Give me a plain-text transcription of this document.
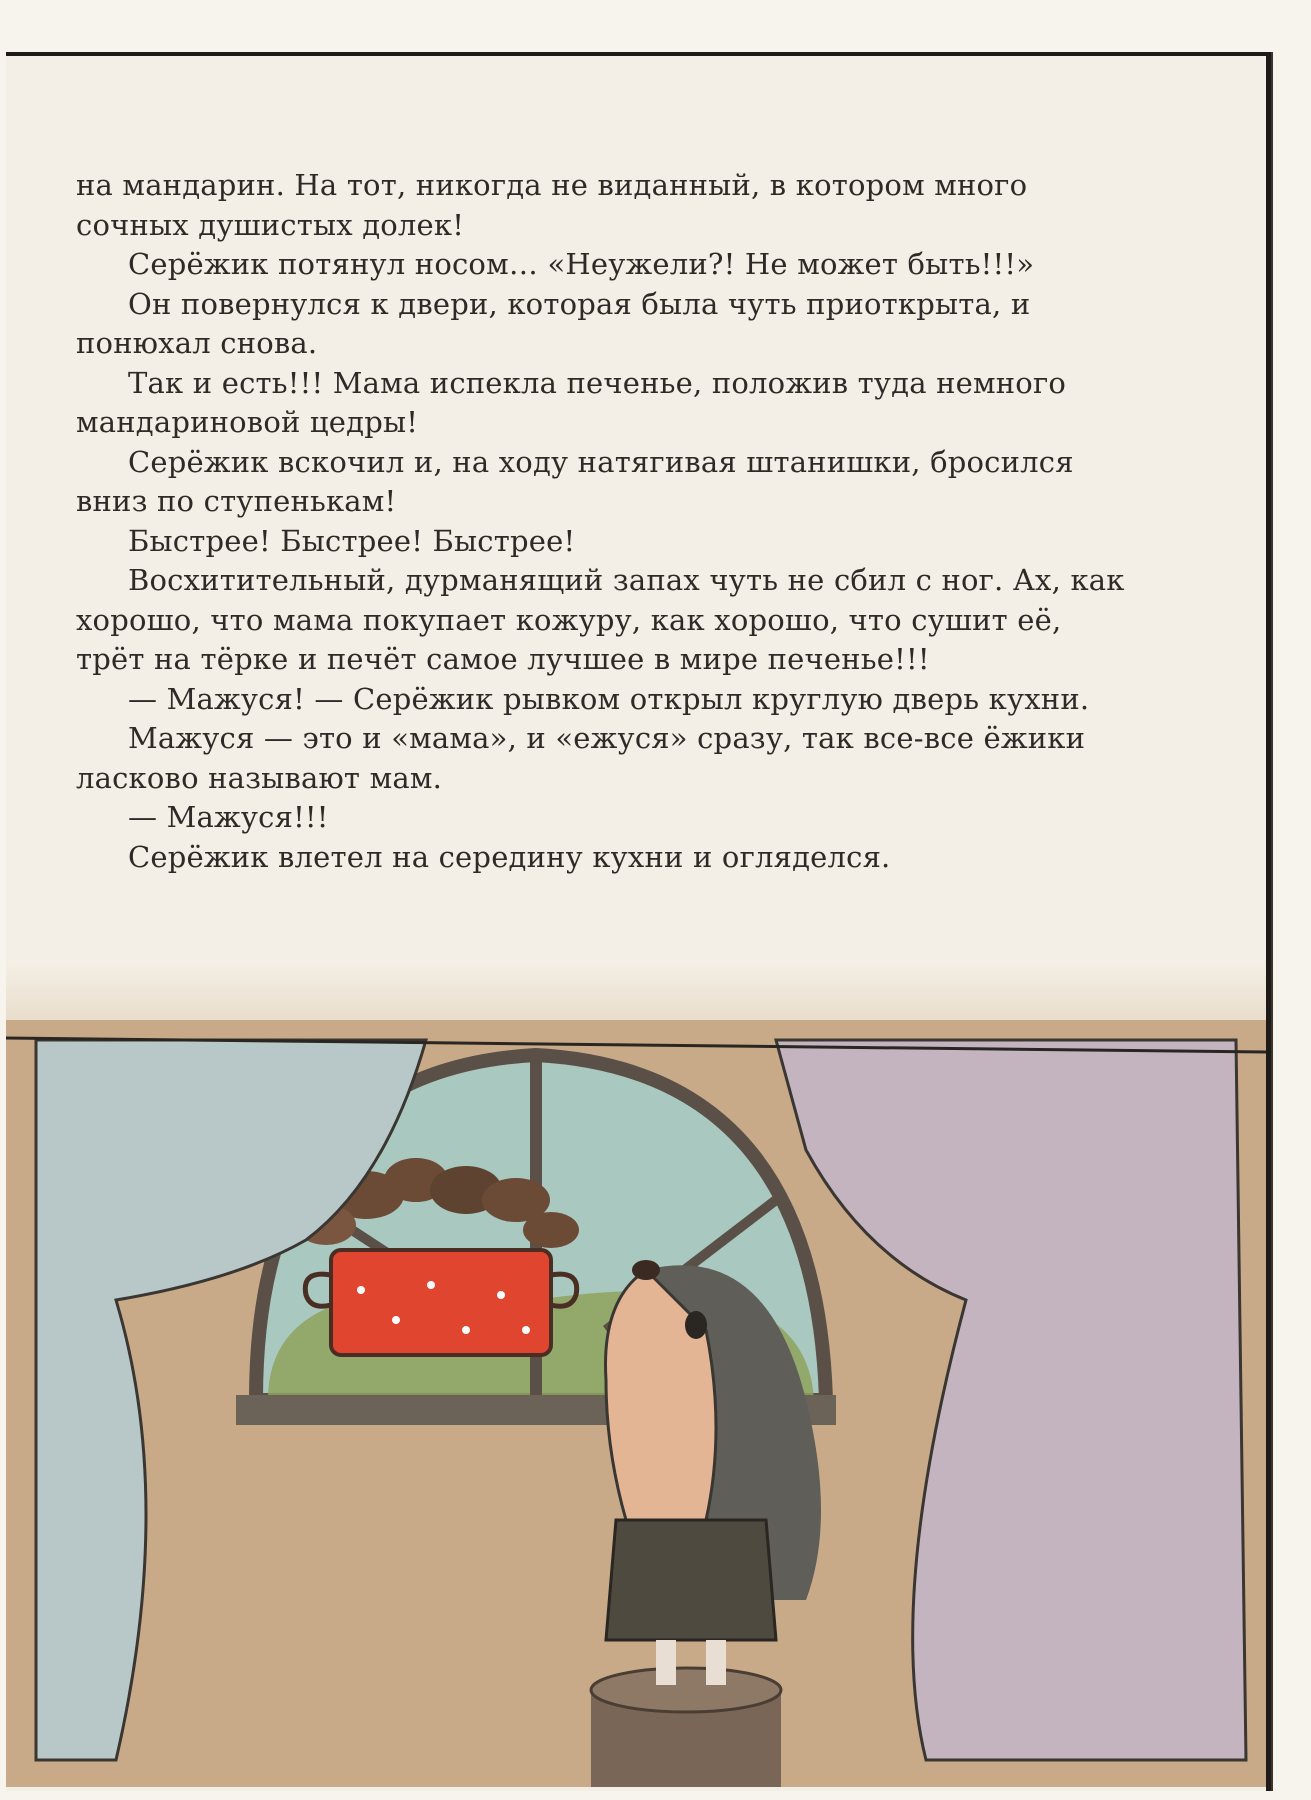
на мандарин. На тот, никогда не виданный, в котором много сочных душистых долек!

Серёжик потянул носом… «Неужели?! Не может быть!!!»

Он повернулся к двери, которая была чуть приоткрыта, и понюхал снова.

Так и есть!!! Мама испекла печенье, положив туда немного мандариновой цедры!

Серёжик вскочил и, на ходу натягивая штанишки, бросился вниз по ступенькам!

Быстрее! Быстрее! Быстрее!

Восхитительный, дурманящий запах чуть не сбил с ног. Ах, как хорошо, что мама покупает кожуру, как хорошо, что сушит её, трёт на тёрке и печёт самое лучшее в мире печенье!!!

— Мажуся! — Серёжик рывком открыл круглую дверь кухни.

Мажуся — это и «мама», и «ежуся» сразу, так все-все ёжики ласково называют мам.

— Мажуся!!!

Серёжик влетел на середину кухни и огляделся.
